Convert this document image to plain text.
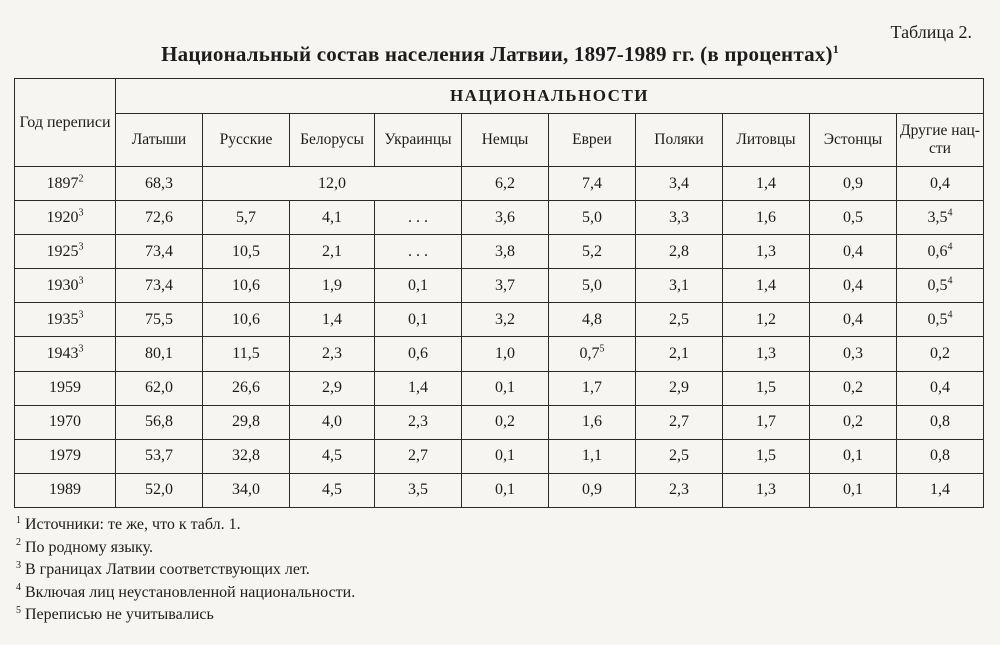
Таблица 2.
Национальный состав населения Латвии, 1897-1989 гг. (в процентах)$^1$
Год переписи	НАЦИОНАЛЬНОСТИ									
	Латыши	Русские	Белорусы	Украинцы	Немцы	Евреи	Поляки	Литовцы	Эстонцы	Другие нац-сти
1897$^2$	68,3	12,0			6,2	7,4	3,4	1,4	0,9	0,4
1920$^3$	72,6	5,7	4,1	. . .	3,6	5,0	3,3	1,6	0,5	$3,5^4$
1925$^3$	73,4	10,5	2,1	. . .	3,8	5,2	2,8	1,3	0,4	$0,6^4$
1930$^3$	73,4	10,6	1,9	0,1	3,7	5,0	3,1	1,4	0,4	$0,5^4$
1935$^3$	75,5	10,6	1,4	0,1	3,2	4,8	2,5	1,2	0,4	$0,5^4$
1943$^3$	80,1	11,5	2,3	0,6	1,0	$0,7^5$	2,1	1,3	0,3	0,2
1959	62,0	26,6	2,9	1,4	0,1	1,7	2,9	1,5	0,2	0,4
1970	56,8	29,8	4,0	2,3	0,2	1,6	2,7	1,7	0,2	0,8
1979	53,7	32,8	4,5	2,7	0,1	1,1	2,5	1,5	0,1	0,8
1989	52,0	34,0	4,5	3,5	0,1	0,9	2,3	1,3	0,1	1,4
$^1$ Источники: те же, что к табл. 1.
$^2$ По родному языку.
$^3$ В границах Латвии соответствующих лет.
$^4$ Включая лиц неустановленной национальности.
$^5$ Переписью не учитывались
